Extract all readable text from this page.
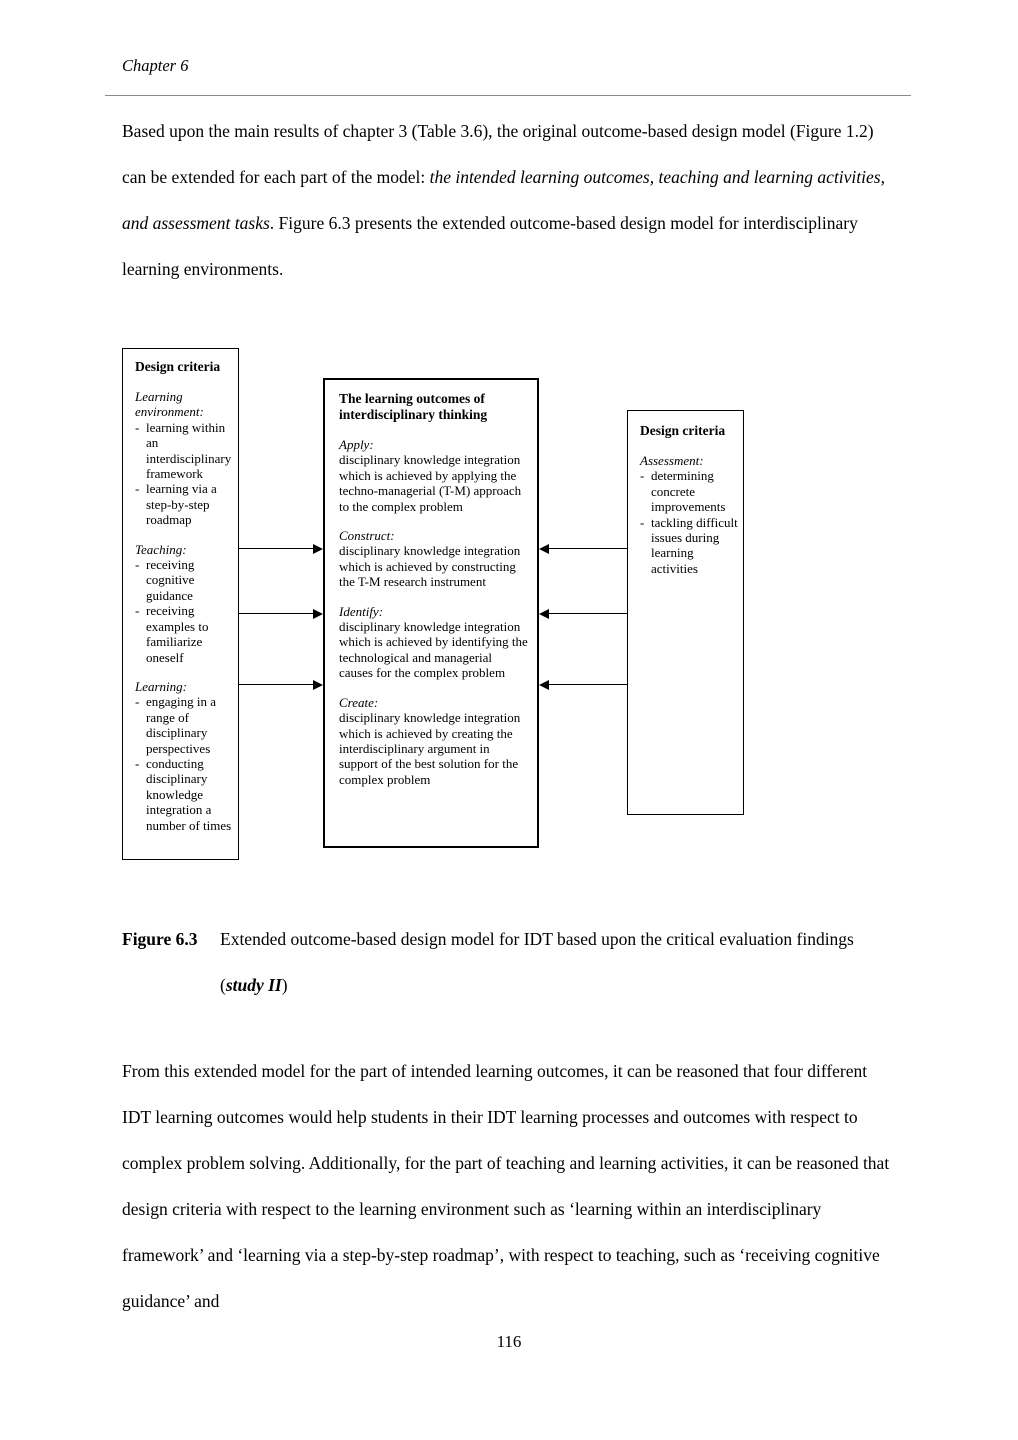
Chapter 6

Based upon the main results of chapter 3 (Table 3.6), the original outcome-based design model (Figure 1.2) can be extended for each part of the model: the intended learning outcomes, teaching and learning activities, and assessment tasks. Figure 6.3 presents the extended outcome-based design model for interdisciplinary learning environments.

Design criteria
Learning environment:
- learning within an interdisciplinary framework
- learning via a step-by-step roadmap
Teaching:
- receiving cognitive guidance
- receiving examples to familiarize oneself
Learning:
- engaging in a range of disciplinary perspectives
- conducting disciplinary knowledge integration a number of times
The learning outcomes of interdisciplinary thinking
Apply:
disciplinary knowledge integration which is achieved by applying the techno-managerial (T-M) approach to the complex problem
Construct:
disciplinary knowledge integration which is achieved by constructing the T-M research instrument
Identify:
disciplinary knowledge integration which is achieved by identifying the technological and managerial causes for the complex problem
Create:
disciplinary knowledge integration which is achieved by creating the interdisciplinary argument in support of the best solution for the complex problem
Design criteria
Assessment:
- determining concrete improvements
- tackling difficult issues during learning activities
Figure 6.3	Extended outcome-based design model for IDT based upon the critical evaluation findings (study II)

From this extended model for the part of intended learning outcomes, it can be reasoned that four different IDT learning outcomes would help students in their IDT learning processes and outcomes with respect to complex problem solving. Additionally, for the part of teaching and learning activities, it can be reasoned that design criteria with respect to the learning environment such as ‘learning within an interdisciplinary framework’ and ‘learning via a step-by-step roadmap’, with respect to teaching, such as ‘receiving cognitive guidance’ and

116
